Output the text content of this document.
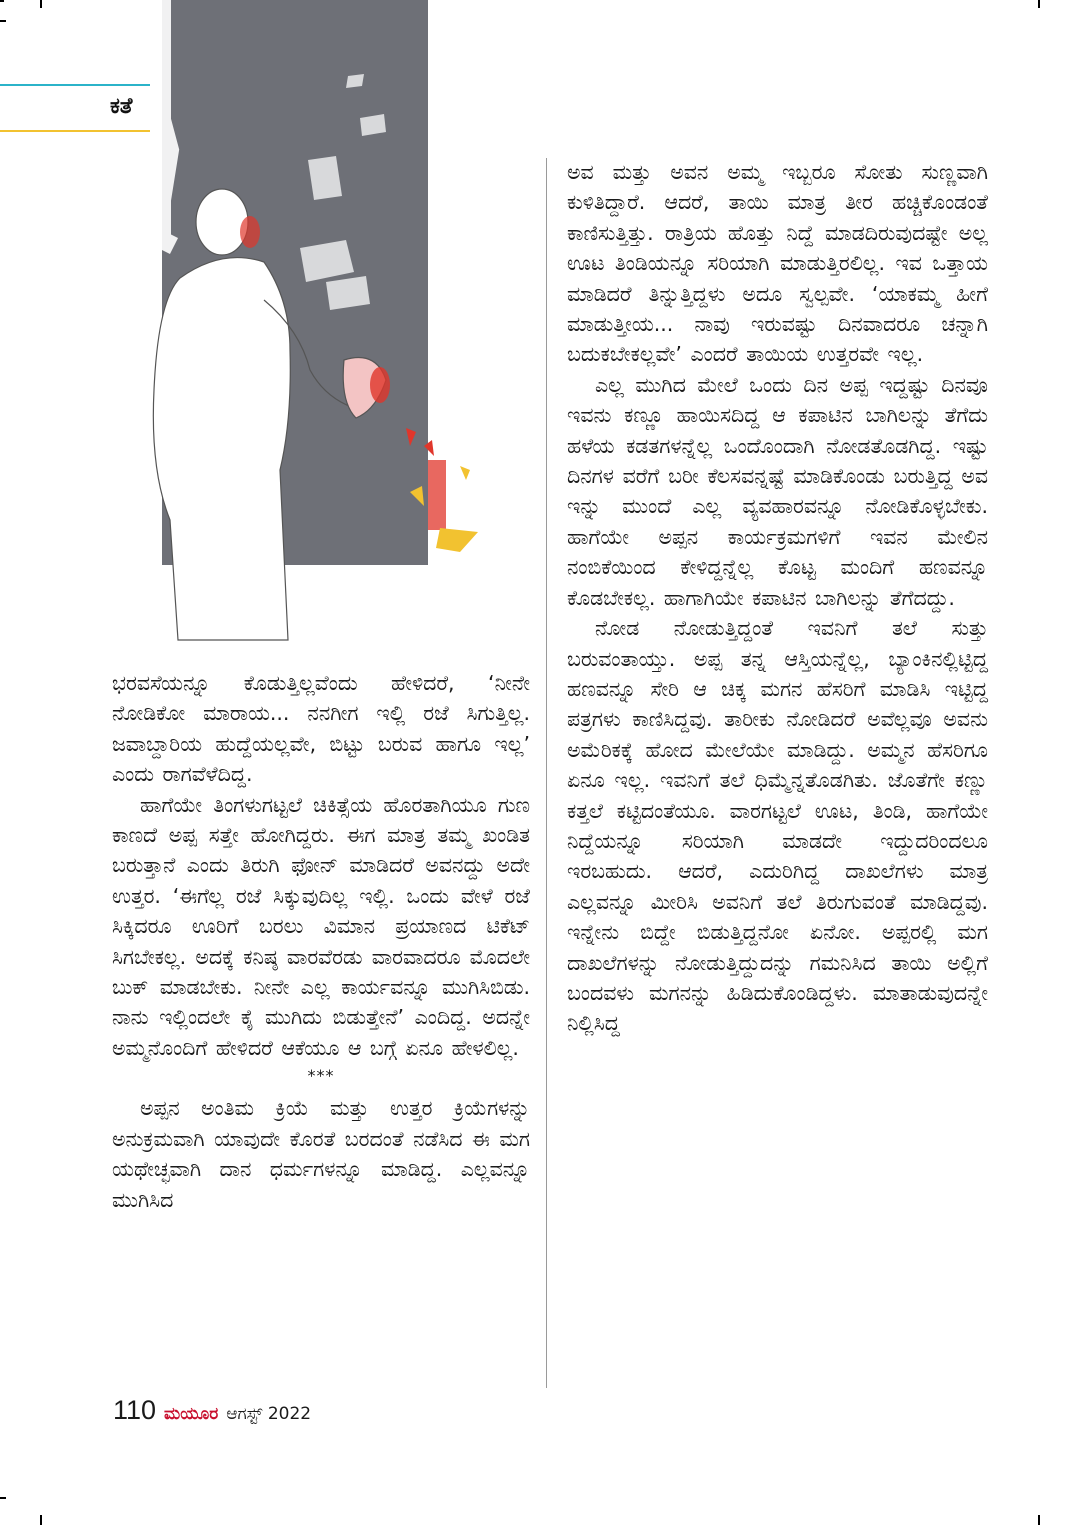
ಕತೆ

ಭರವಸೆಯನ್ನೂ ಕೊಡುತ್ತಿಲ್ಲವೆಂದು ಹೇಳಿದರೆ, ‘ನೀನೇ ನೋಡಿಕೋ ಮಾರಾಯ... ನನಗೀಗ ಇಲ್ಲಿ ರಜೆ ಸಿಗುತ್ತಿಲ್ಲ. ಜವಾಬ್ದಾರಿಯ ಹುದ್ದೆಯಲ್ಲವೇ, ಬಿಟ್ಟು ಬರುವ ಹಾಗೂ ಇಲ್ಲ’ ಎಂದು ರಾಗವೆಳೆದಿದ್ದ.

ಹಾಗೆಯೇ ತಿಂಗಳುಗಟ್ಟಲೆ ಚಿಕಿತ್ಸೆಯ ಹೊರತಾಗಿಯೂ ಗುಣ ಕಾಣದೆ ಅಪ್ಪ ಸತ್ತೇ ಹೋಗಿದ್ದರು. ಈಗ ಮಾತ್ರ ತಮ್ಮ ಖಂಡಿತ ಬರುತ್ತಾನೆ ಎಂದು ತಿರುಗಿ ಫೋನ್ ಮಾಡಿದರೆ ಅವನದ್ದು ಅದೇ ಉತ್ತರ. ‘ಈಗೆಲ್ಲ ರಜೆ ಸಿಕ್ಕುವುದಿಲ್ಲ ಇಲ್ಲಿ. ಒಂದು ವೇಳೆ ರಜೆ ಸಿಕ್ಕಿದರೂ ಊರಿಗೆ ಬರಲು ವಿಮಾನ ಪ್ರಯಾಣದ ಟಿಕೆಟ್ ಸಿಗಬೇಕಲ್ಲ. ಅದಕ್ಕೆ ಕನಿಷ್ಠ ವಾರವೆರಡು ವಾರವಾದರೂ ಮೊದಲೇ ಬುಕ್ ಮಾಡಬೇಕು. ನೀನೇ ಎಲ್ಲ ಕಾರ್ಯವನ್ನೂ ಮುಗಿಸಿಬಿಡು. ನಾನು ಇಲ್ಲಿಂದಲೇ ಕೈ ಮುಗಿದು ಬಿಡುತ್ತೇನೆ’ ಎಂದಿದ್ದ. ಅದನ್ನೇ ಅಮ್ಮನೊಂದಿಗೆ ಹೇಳಿದರೆ ಆಕೆಯೂ ಆ ಬಗ್ಗೆ ಏನೂ ಹೇಳಲಿಲ್ಲ.

***

ಅಪ್ಪನ ಅಂತಿಮ ಕ್ರಿಯೆ ಮತ್ತು ಉತ್ತರ ಕ್ರಿಯೆಗಳನ್ನು ಅನುಕ್ರಮವಾಗಿ ಯಾವುದೇ ಕೊರತೆ ಬರದಂತೆ ನಡೆಸಿದ ಈ ಮಗ ಯಥೇಚ್ಛವಾಗಿ ದಾನ ಧರ್ಮಗಳನ್ನೂ ಮಾಡಿದ್ದ. ಎಲ್ಲವನ್ನೂ ಮುಗಿಸಿದ

ಅವ ಮತ್ತು ಅವನ ಅಮ್ಮ ಇಬ್ಬರೂ ಸೋತು ಸುಣ್ಣವಾಗಿ ಕುಳಿತಿದ್ದಾರೆ. ಆದರೆ, ತಾಯಿ ಮಾತ್ರ ತೀರ ಹಚ್ಚಿಕೊಂಡಂತೆ ಕಾಣಿಸುತ್ತಿತ್ತು. ರಾತ್ರಿಯ ಹೊತ್ತು ನಿದ್ದೆ ಮಾಡದಿರುವುದಷ್ಟೇ ಅಲ್ಲ ಊಟ ತಿಂಡಿಯನ್ನೂ ಸರಿಯಾಗಿ ಮಾಡುತ್ತಿರಲಿಲ್ಲ. ಇವ ಒತ್ತಾಯ ಮಾಡಿದರೆ ತಿನ್ನುತ್ತಿದ್ದಳು ಅದೂ ಸ್ವಲ್ಪವೇ. ‘ಯಾಕಮ್ಮ ಹೀಗೆ ಮಾಡುತ್ತೀಯ... ನಾವು ಇರುವಷ್ಟು ದಿನವಾದರೂ ಚನ್ನಾಗಿ ಬದುಕಬೇಕಲ್ಲವೇ’ ಎಂದರೆ ತಾಯಿಯ ಉತ್ತರವೇ ಇಲ್ಲ.

ಎಲ್ಲ ಮುಗಿದ ಮೇಲೆ ಒಂದು ದಿನ ಅಪ್ಪ ಇದ್ದಷ್ಟು ದಿನವೂ ಇವನು ಕಣ್ಣೂ ಹಾಯಿಸದಿದ್ದ ಆ ಕಪಾಟಿನ ಬಾಗಿಲನ್ನು ತೆಗೆದು ಹಳೆಯ ಕಡತಗಳನ್ನೆಲ್ಲ ಒಂದೊಂದಾಗಿ ನೋಡತೊಡಗಿದ್ದ. ಇಷ್ಟು ದಿನಗಳ ವರೆಗೆ ಬರೀ ಕೆಲಸವನ್ನಷ್ಟೆ ಮಾಡಿಕೊಂಡು ಬರುತ್ತಿದ್ದ ಅವ ಇನ್ನು ಮುಂದೆ ಎಲ್ಲ ವ್ಯವಹಾರವನ್ನೂ ನೋಡಿಕೊಳ್ಳಬೇಕು. ಹಾಗೆಯೇ ಅಪ್ಪನ ಕಾರ್ಯಕ್ರಮಗಳಿಗೆ ಇವನ ಮೇಲಿನ ನಂಬಿಕೆಯಿಂದ ಕೇಳಿದ್ದನ್ನೆಲ್ಲ ಕೊಟ್ಟ ಮಂದಿಗೆ ಹಣವನ್ನೂ ಕೊಡಬೇಕಲ್ಲ. ಹಾಗಾಗಿಯೇ ಕಪಾಟಿನ ಬಾಗಿಲನ್ನು ತೆಗೆದದ್ದು.

ನೋಡ ನೋಡುತ್ತಿದ್ದಂತೆ ಇವನಿಗೆ ತಲೆ ಸುತ್ತು ಬರುವಂತಾಯ್ತು. ಅಪ್ಪ ತನ್ನ ಆಸ್ತಿಯನ್ನೆಲ್ಲ, ಬ್ಯಾಂಕಿನಲ್ಲಿಟ್ಟಿದ್ದ ಹಣವನ್ನೂ ಸೇರಿ ಆ ಚಿಕ್ಕ ಮಗನ ಹೆಸರಿಗೆ ಮಾಡಿಸಿ ಇಟ್ಟಿದ್ದ ಪತ್ರಗಳು ಕಾಣಿಸಿದ್ದವು. ತಾರೀಕು ನೋಡಿದರೆ ಅವೆಲ್ಲವೂ ಅವನು ಅಮೆರಿಕಕ್ಕೆ ಹೋದ ಮೇಲೆಯೇ ಮಾಡಿದ್ದು. ಅಮ್ಮನ ಹೆಸರಿಗೂ ಏನೂ ಇಲ್ಲ. ಇವನಿಗೆ ತಲೆ ಧಿಮ್ಮೆನ್ನತೊಡಗಿತು. ಜೊತೆಗೇ ಕಣ್ಣು ಕತ್ತಲೆ ಕಟ್ಟಿದಂತೆಯೂ. ವಾರಗಟ್ಟಲೆ ಊಟ, ತಿಂಡಿ, ಹಾಗೆಯೇ ನಿದ್ದೆಯನ್ನೂ ಸರಿಯಾಗಿ ಮಾಡದೇ ಇದ್ದುದರಿಂದಲೂ ಇರಬಹುದು. ಆದರೆ, ಎದುರಿಗಿದ್ದ ದಾಖಲೆಗಳು ಮಾತ್ರ ಎಲ್ಲವನ್ನೂ ಮೀರಿಸಿ ಅವನಿಗೆ ತಲೆ ತಿರುಗುವಂತೆ ಮಾಡಿದ್ದವು. ಇನ್ನೇನು ಬಿದ್ದೇ ಬಿಡುತ್ತಿದ್ದನೋ ಏನೋ. ಅಪ್ಪರಲ್ಲಿ ಮಗ ದಾಖಲೆಗಳನ್ನು ನೋಡುತ್ತಿದ್ದುದನ್ನು ಗಮನಿಸಿದ ತಾಯಿ ಅಲ್ಲಿಗೆ ಬಂದವಳು ಮಗನನ್ನು ಹಿಡಿದುಕೊಂಡಿದ್ದಳು. ಮಾತಾಡುವುದನ್ನೇ ನಿಲ್ಲಿಸಿದ್ದ

110 ಮಯೂರ ಆಗಸ್ಟ್ 2022
